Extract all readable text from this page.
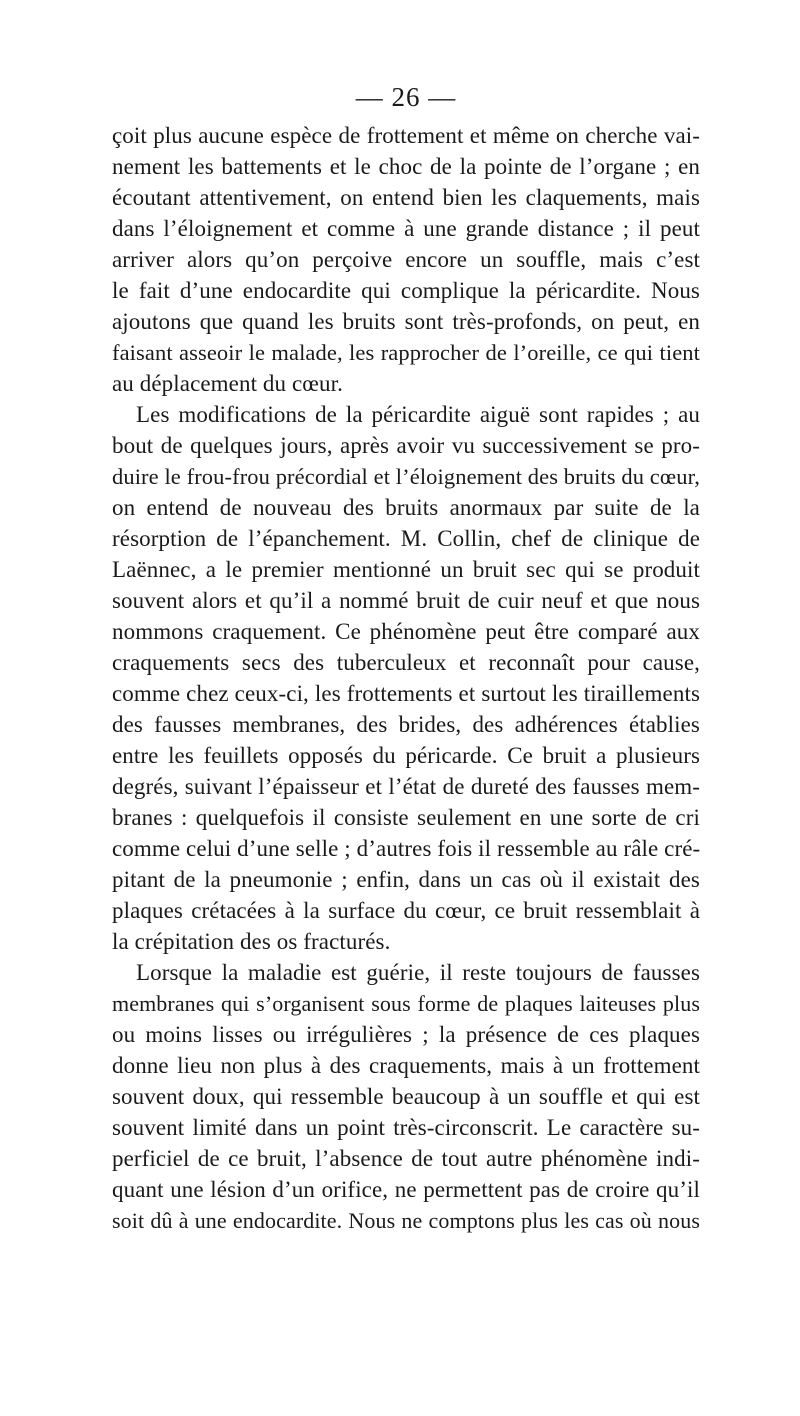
— 26 —
çoit plus aucune espèce de frottement et même on cherche vai-
nement les battements et le choc de la pointe de l’organe ; en
écoutant attentivement, on entend bien les claquements, mais
dans l’éloignement et comme à une grande distance ; il peut
arriver alors qu’on perçoive encore un souffle, mais c’est
le fait d’une endocardite qui complique la péricardite. Nous
ajoutons que quand les bruits sont très-profonds, on peut, en
faisant asseoir le malade, les rapprocher de l’oreille, ce qui tient
au déplacement du cœur.
Les modifications de la péricardite aiguë sont rapides ; au
bout de quelques jours, après avoir vu successivement se pro-
duire le frou-frou précordial et l’éloignement des bruits du cœur,
on entend de nouveau des bruits anormaux par suite de la
résorption de l’épanchement. M. Collin, chef de clinique de
Laënnec, a le premier mentionné un bruit sec qui se produit
souvent alors et qu’il a nommé bruit de cuir neuf et que nous
nommons craquement. Ce phénomène peut être comparé aux
craquements secs des tuberculeux et reconnaît pour cause,
comme chez ceux-ci, les frottements et surtout les tiraillements
des fausses membranes, des brides, des adhérences établies
entre les feuillets opposés du péricarde. Ce bruit a plusieurs
degrés, suivant l’épaisseur et l’état de dureté des fausses mem-
branes : quelquefois il consiste seulement en une sorte de cri
comme celui d’une selle ; d’autres fois il ressemble au râle cré-
pitant de la pneumonie ; enfin, dans un cas où il existait des
plaques crétacées à la surface du cœur, ce bruit ressemblait à
la crépitation des os fracturés.
Lorsque la maladie est guérie, il reste toujours de fausses
membranes qui s’organisent sous forme de plaques laiteuses plus
ou moins lisses ou irrégulières ; la présence de ces plaques
donne lieu non plus à des craquements, mais à un frottement
souvent doux, qui ressemble beaucoup à un souffle et qui est
souvent limité dans un point très-circonscrit. Le caractère su-
perficiel de ce bruit, l’absence de tout autre phénomène indi-
quant une lésion d’un orifice, ne permettent pas de croire qu’il
soit dû à une endocardite. Nous ne comptons plus les cas où nous
